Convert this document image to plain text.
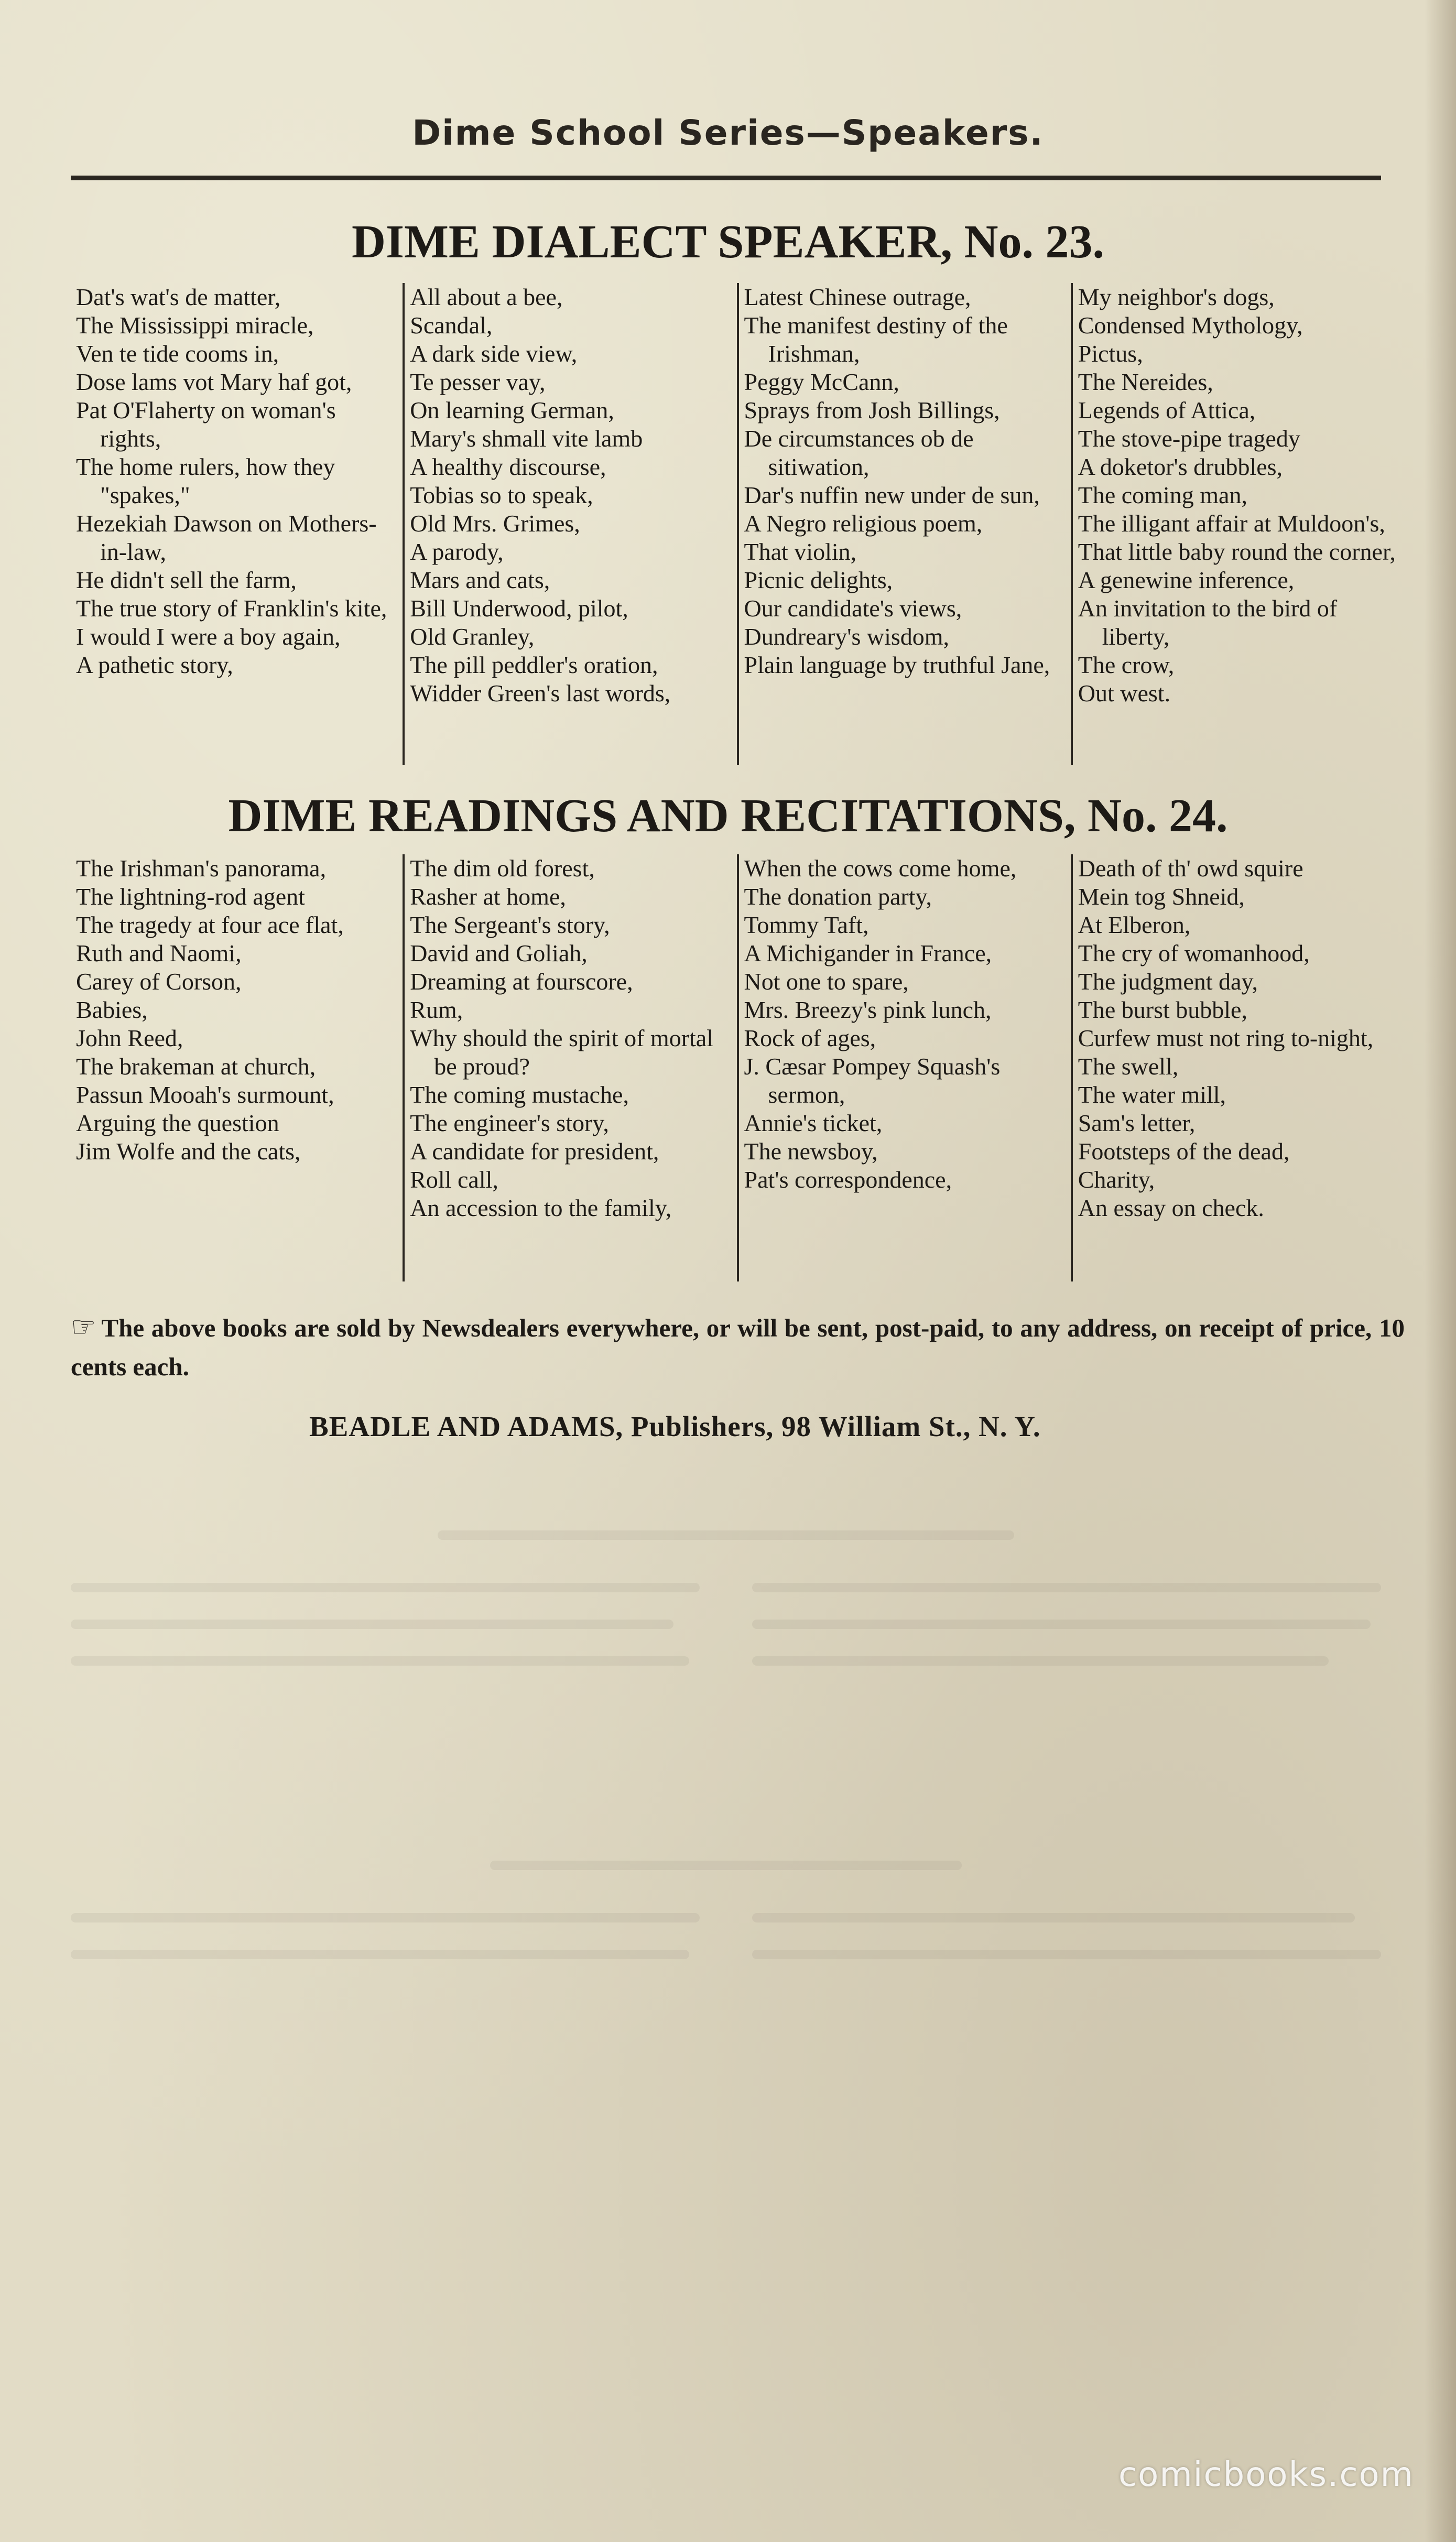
Dime School Series—Speakers.
DIME DIALECT SPEAKER, No. 23.
Dat's wat's de matter,
The Mississippi miracle,
Ven te tide cooms in,
Dose lams vot Mary haf got,
Pat O'Flaherty on woman's rights,
The home rulers, how they "spakes,"
Hezekiah Dawson on Mothers-in-law,
He didn't sell the farm,
The true story of Franklin's kite,
I would I were a boy again,
A pathetic story,
All about a bee,
Scandal,
A dark side view,
Te pesser vay,
On learning German,
Mary's shmall vite lamb
A healthy discourse,
Tobias so to speak,
Old Mrs. Grimes,
A parody,
Mars and cats,
Bill Underwood, pilot,
Old Granley,
The pill peddler's oration,
Widder Green's last words,
Latest Chinese outrage,
The manifest destiny of the Irishman,
Peggy McCann,
Sprays from Josh Billings,
De circumstances ob de sitiwation,
Dar's nuffin new under de sun,
A Negro religious poem,
That violin,
Picnic delights,
Our candidate's views,
Dundreary's wisdom,
Plain language by truthful Jane,
My neighbor's dogs,
Condensed Mythology,
Pictus,
The Nereides,
Legends of Attica,
The stove-pipe tragedy
A doketor's drubbles,
The coming man,
The illigant affair at Muldoon's,
That little baby round the corner,
A genewine inference,
An invitation to the bird of liberty,
The crow,
Out west.
DIME READINGS AND RECITATIONS, No. 24.
The Irishman's panorama,
The lightning-rod agent
The tragedy at four ace flat,
Ruth and Naomi,
Carey of Corson,
Babies,
John Reed,
The brakeman at church,
Passun Mooah's surmount,
Arguing the question
Jim Wolfe and the cats,
The dim old forest,
Rasher at home,
The Sergeant's story,
David and Goliah,
Dreaming at fourscore,
Rum,
Why should the spirit of mortal be proud?
The coming mustache,
The engineer's story,
A candidate for president,
Roll call,
An accession to the family,
When the cows come home,
The donation party,
Tommy Taft,
A Michigander in France,
Not one to spare,
Mrs. Breezy's pink lunch,
Rock of ages,
J. Cæsar Pompey Squash's sermon,
Annie's ticket,
The newsboy,
Pat's correspondence,
Death of th' owd squire
Mein tog Shneid,
At Elberon,
The cry of womanhood,
The judgment day,
The burst bubble,
Curfew must not ring to-night,
The swell,
The water mill,
Sam's letter,
Footsteps of the dead,
Charity,
An essay on check.
☞ The above books are sold by Newsdealers everywhere, or will be sent, post-paid, to any address, on receipt of price, 10 cents each.
BEADLE AND ADAMS, Publishers, 98 William St., N. Y.
comicbooks.com
